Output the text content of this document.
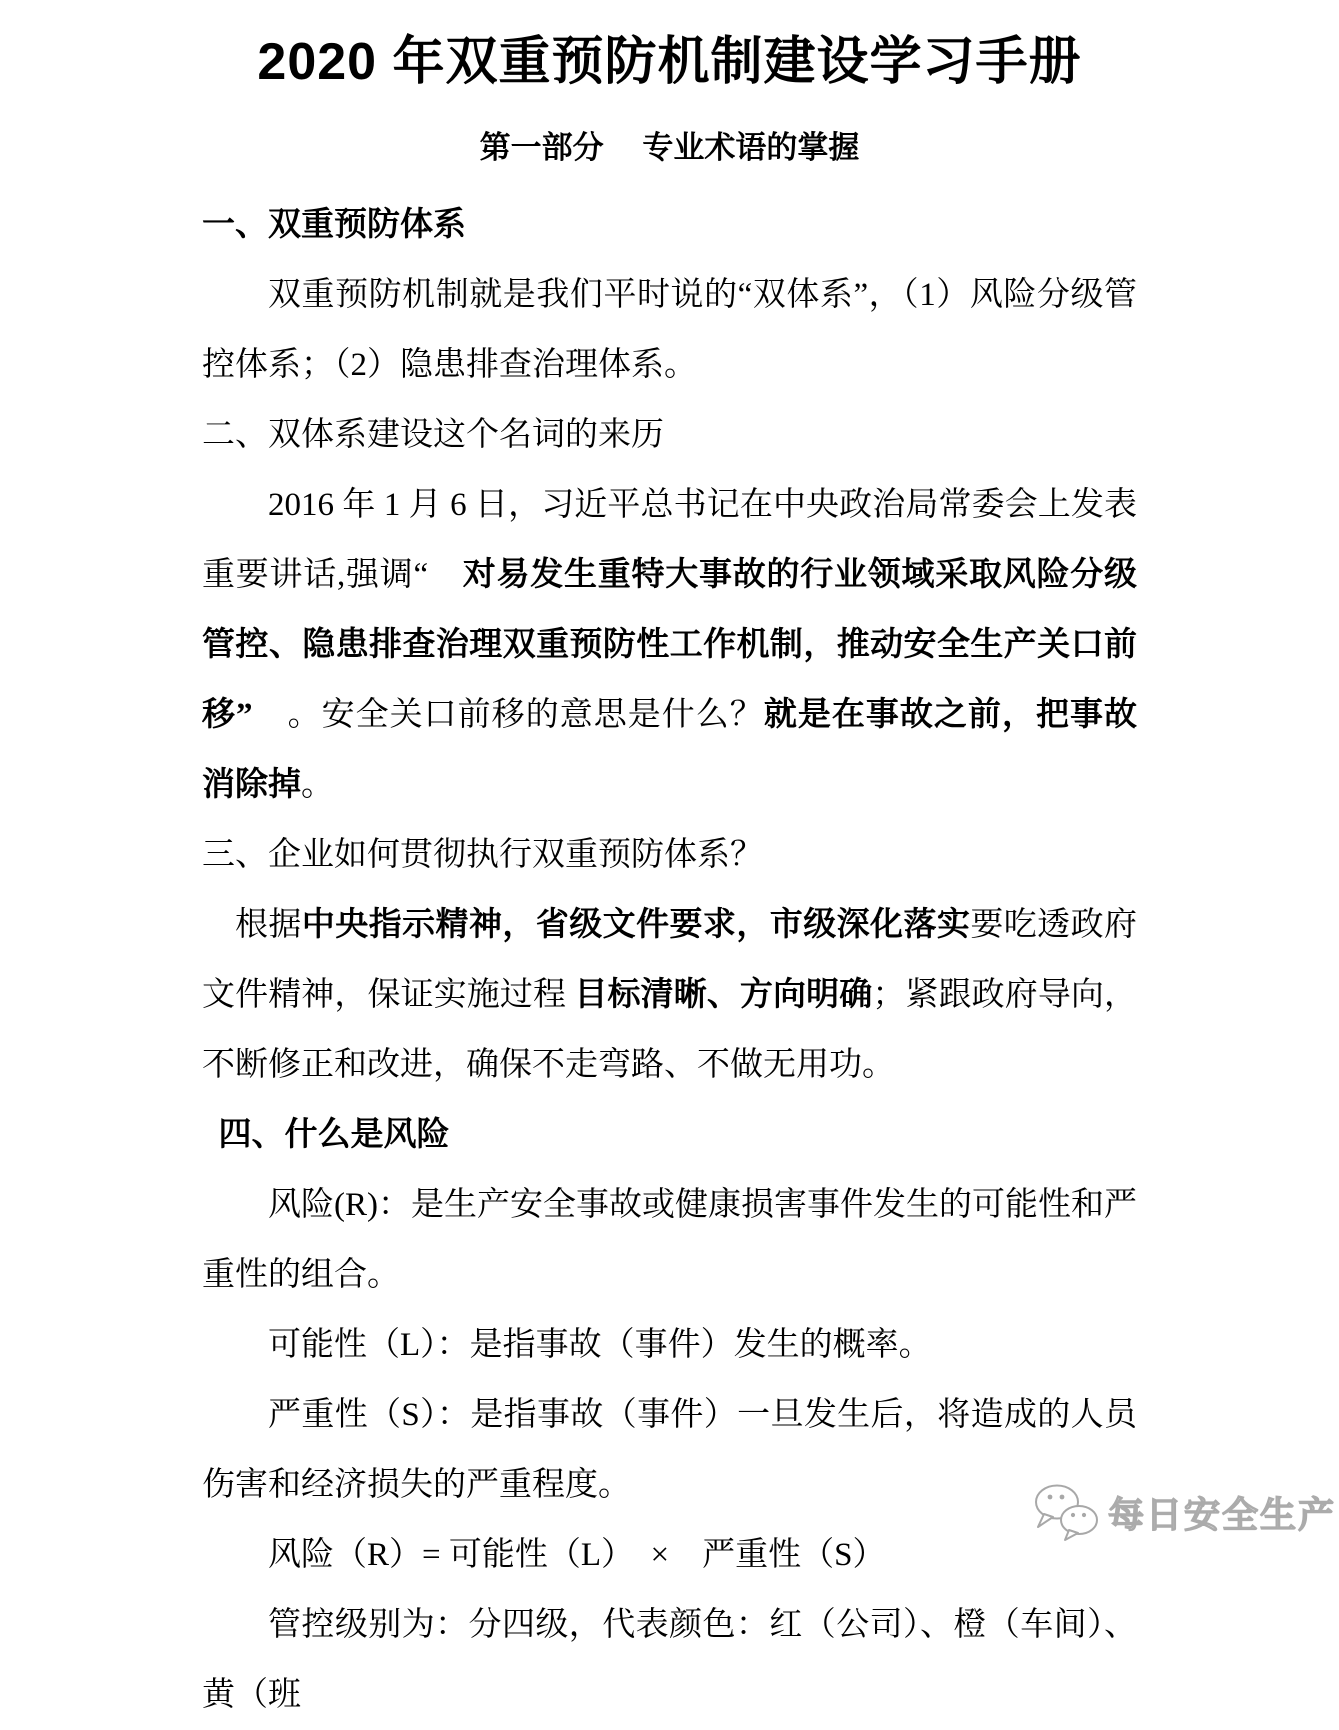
2020 年双重预防机制建设学习手册
第一部分　 专业术语的掌握
一、双重预防体系
双重预防机制就是我们平时说的“双体系”，（1）风险分级管控体系；（2）隐患排查治理体系。
二、双体系建设这个名词的来历
2016 年 1 月 6 日，习近平总书记在中央政治局常委会上发表重要讲话,强调“　对易发生重特大事故的行业领域采取风险分级管控、隐患排查治理双重预防性工作机制，推动安全生产关口前移”　。安全关口前移的意思是什么？就是在事故之前，把事故消除掉。
三、企业如何贯彻执行双重预防体系？
根据中央指示精神，省级文件要求，市级深化落实要吃透政府文件精神，保证实施过程 目标清晰、方向明确；紧跟政府导向，不断修正和改进，确保不走弯路、不做无用功。
四、什么是风险
风险(R)：是生产安全事故或健康损害事件发生的可能性和严重性的组合。
可能性（L）：是指事故（事件）发生的概率。
严重性（S）：是指事故（事件）一旦发生后，将造成的人员伤害和经济损失的严重程度。
风险（R）= 可能性（L）　×　严重性（S）
管控级别为：分四级，代表颜色：红（公司）、橙（车间）、黄（班
每日安全生产
